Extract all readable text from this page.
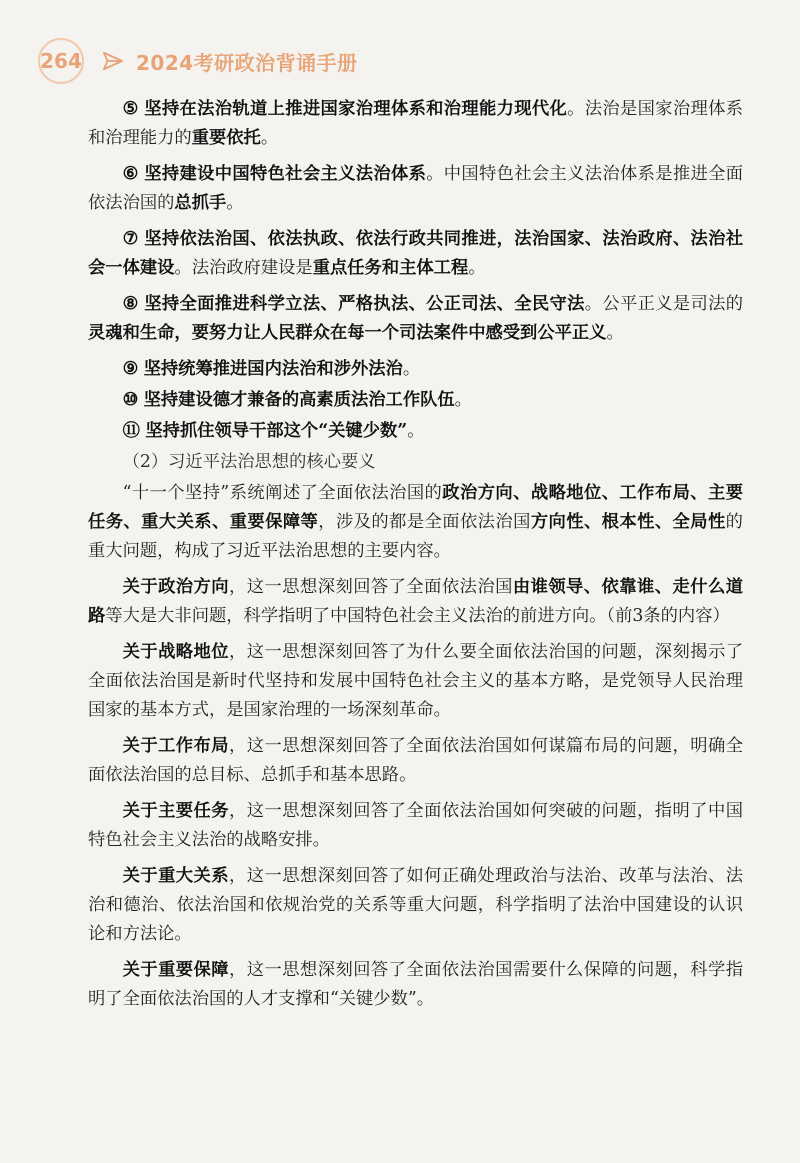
264	2024考研政治背诵手册

⑤ 坚持在法治轨道上推进国家治理体系和治理能力现代化。法治是国家治理体系和治理能力的重要依托。

⑥ 坚持建设中国特色社会主义法治体系。中国特色社会主义法治体系是推进全面依法治国的总抓手。

⑦ 坚持依法治国、依法执政、依法行政共同推进，法治国家、法治政府、法治社会一体建设。法治政府建设是重点任务和主体工程。

⑧ 坚持全面推进科学立法、严格执法、公正司法、全民守法。公平正义是司法的灵魂和生命，要努力让人民群众在每一个司法案件中感受到公平正义。

⑨ 坚持统筹推进国内法治和涉外法治。

⑩ 坚持建设德才兼备的高素质法治工作队伍。

⑪ 坚持抓住领导干部这个“关键少数”。

（2）习近平法治思想的核心要义

“十一个坚持”系统阐述了全面依法治国的政治方向、战略地位、工作布局、主要任务、重大关系、重要保障等，涉及的都是全面依法治国方向性、根本性、全局性的重大问题，构成了习近平法治思想的主要内容。

关于政治方向，这一思想深刻回答了全面依法治国由谁领导、依靠谁、走什么道路等大是大非问题，科学指明了中国特色社会主义法治的前进方向。（前3条的内容）

关于战略地位，这一思想深刻回答了为什么要全面依法治国的问题，深刻揭示了全面依法治国是新时代坚持和发展中国特色社会主义的基本方略，是党领导人民治理国家的基本方式，是国家治理的一场深刻革命。

关于工作布局，这一思想深刻回答了全面依法治国如何谋篇布局的问题，明确全面依法治国的总目标、总抓手和基本思路。

关于主要任务，这一思想深刻回答了全面依法治国如何突破的问题，指明了中国特色社会主义法治的战略安排。

关于重大关系，这一思想深刻回答了如何正确处理政治与法治、改革与法治、法治和德治、依法治国和依规治党的关系等重大问题，科学指明了法治中国建设的认识论和方法论。

关于重要保障，这一思想深刻回答了全面依法治国需要什么保障的问题，科学指明了全面依法治国的人才支撑和“关键少数”。
